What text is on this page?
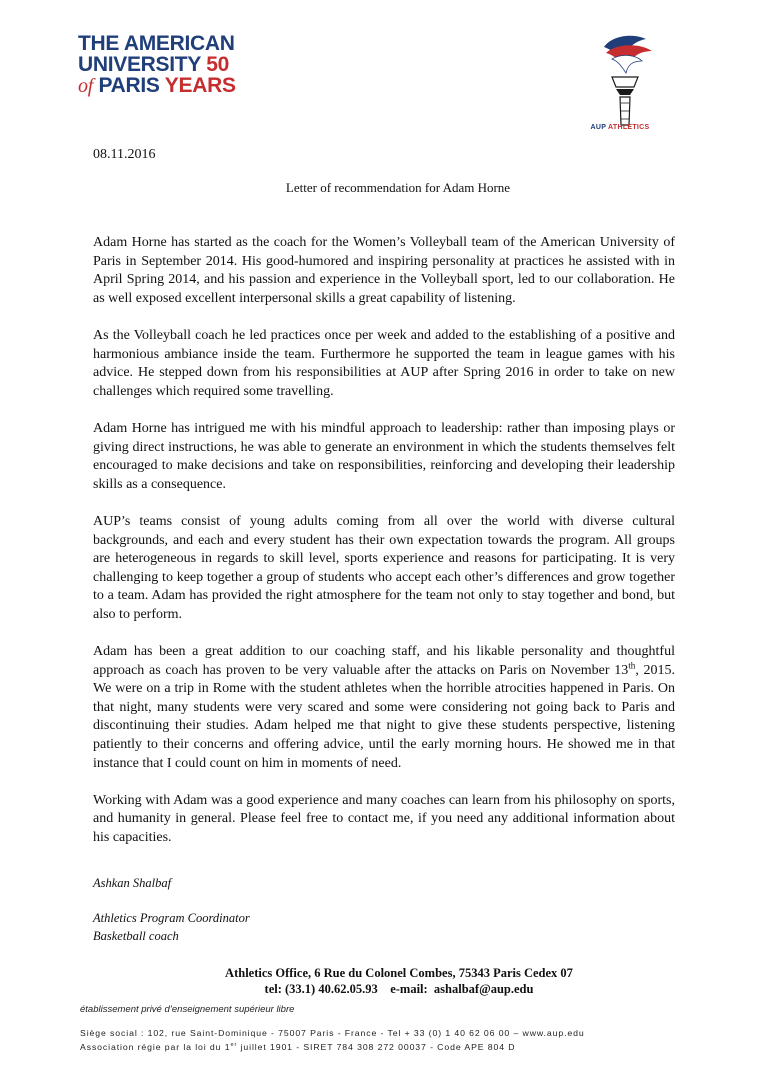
THE AMERICAN
UNIVERSITY 50
of PARIS YEARS
AUP ATHLETICS
08.11.2016
Letter of recommendation for Adam Horne

Adam Horne has started as the coach for the Women’s Volleyball team of the American University of Paris in September 2014. His good-humored and inspiring personality at practices he assisted with in April Spring 2014, and his passion and experience in the Volleyball sport, led to our collaboration. He as well exposed excellent interpersonal skills a great capability of listening.

As the Volleyball coach he led practices once per week and added to the establishing of a positive and harmonious ambiance inside the team. Furthermore he supported the team in league games with his advice. He stepped down from his responsibilities at AUP after Spring 2016 in order to take on new challenges which required some travelling.

Adam Horne has intrigued me with his mindful approach to leadership: rather than imposing plays or giving direct instructions, he was able to generate an environment in which the students themselves felt encouraged to make decisions and take on responsibilities, reinforcing and developing their leadership skills as a consequence.

AUP’s teams consist of young adults coming from all over the world with diverse cultural backgrounds, and each and every student has their own expectation towards the program. All groups are heterogeneous in regards to skill level, sports experience and reasons for participating. It is very challenging to keep together a group of students who accept each other’s differences and grow together to a team. Adam has provided the right atmosphere for the team not only to stay together and bond, but also to perform.

Adam has been a great addition to our coaching staff, and his likable personality and thoughtful approach as coach has proven to be very valuable after the attacks on Paris on November 13th, 2015. We were on a trip in Rome with the student athletes when the horrible atrocities happened in Paris. On that night, many students were very scared and some were considering not going back to Paris and discontinuing their studies. Adam helped me that night to give these students perspective, listening patiently to their concerns and offering advice, until the early morning hours. He showed me in that instance that I could count on him in moments of need.

Working with Adam was a good experience and many coaches can learn from his philosophy on sports, and humanity in general. Please feel free to contact me, if you need any additional information about his capacities.

Ashkan Shalbaf
Athletics Program Coordinator
Basketball coach
Athletics Office, 6 Rue du Colonel Combes, 75343 Paris Cedex 07
tel: (33.1) 40.62.05.93    e-mail:  ashalbaf@aup.edu
établissement privé d’enseignement supérieur libre
Siège social : 102, rue Saint-Dominique - 75007 Paris - France - Tel + 33 (0) 1 40 62 06 00 – www.aup.edu
Association régie par la loi du 1er juillet 1901 - SIRET 784 308 272 00037 - Code APE 804 D
